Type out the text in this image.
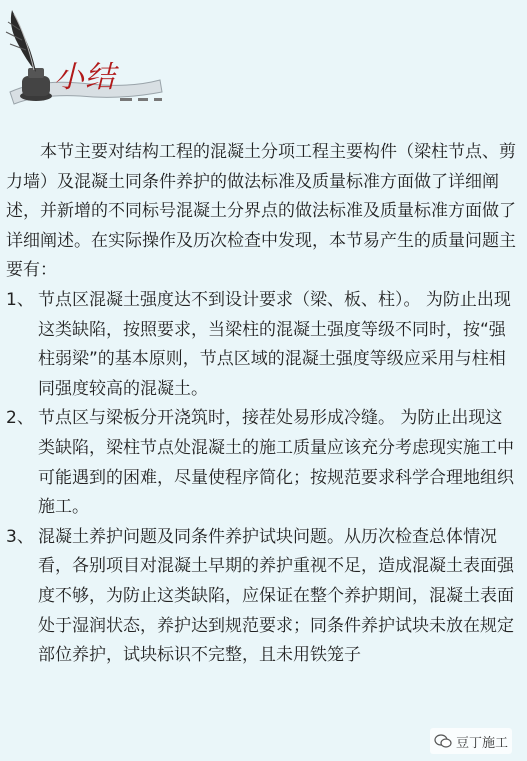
小结

本节主要对结构工程的混凝土分项工程主要构件（梁柱节点、剪力墙）及混凝土同条件养护的做法标准及质量标准方面做了详细阐述，并新增的不同标号混凝土分界点的做法标准及质量标准方面做了详细阐述。在实际操作及历次检查中发现，本节易产生的质量问题主要有：

1、 节点区混凝土强度达不到设计要求（梁、板、柱）。 为防止出现这类缺陷，按照要求，当梁柱的混凝土强度等级不同时，按“强柱弱梁”的基本原则，节点区域的混凝土强度等级应采用与柱相同强度较高的混凝土。

2、 节点区与梁板分开浇筑时，接茬处易形成冷缝。 为防止出现这类缺陷，梁柱节点处混凝土的施工质量应该充分考虑现实施工中可能遇到的困难，尽量使程序简化；按规范要求科学合理地组织施工。

3、 混凝土养护问题及同条件养护试块问题。从历次检查总体情况看，各别项目对混凝土早期的养护重视不足，造成混凝土表面强度不够，为防止这类缺陷，应保证在整个养护期间，混凝土表面处于湿润状态，养护达到规范要求；同条件养护试块未放在规定部位养护，试块标识不完整，且未用铁笼子

豆丁施工
